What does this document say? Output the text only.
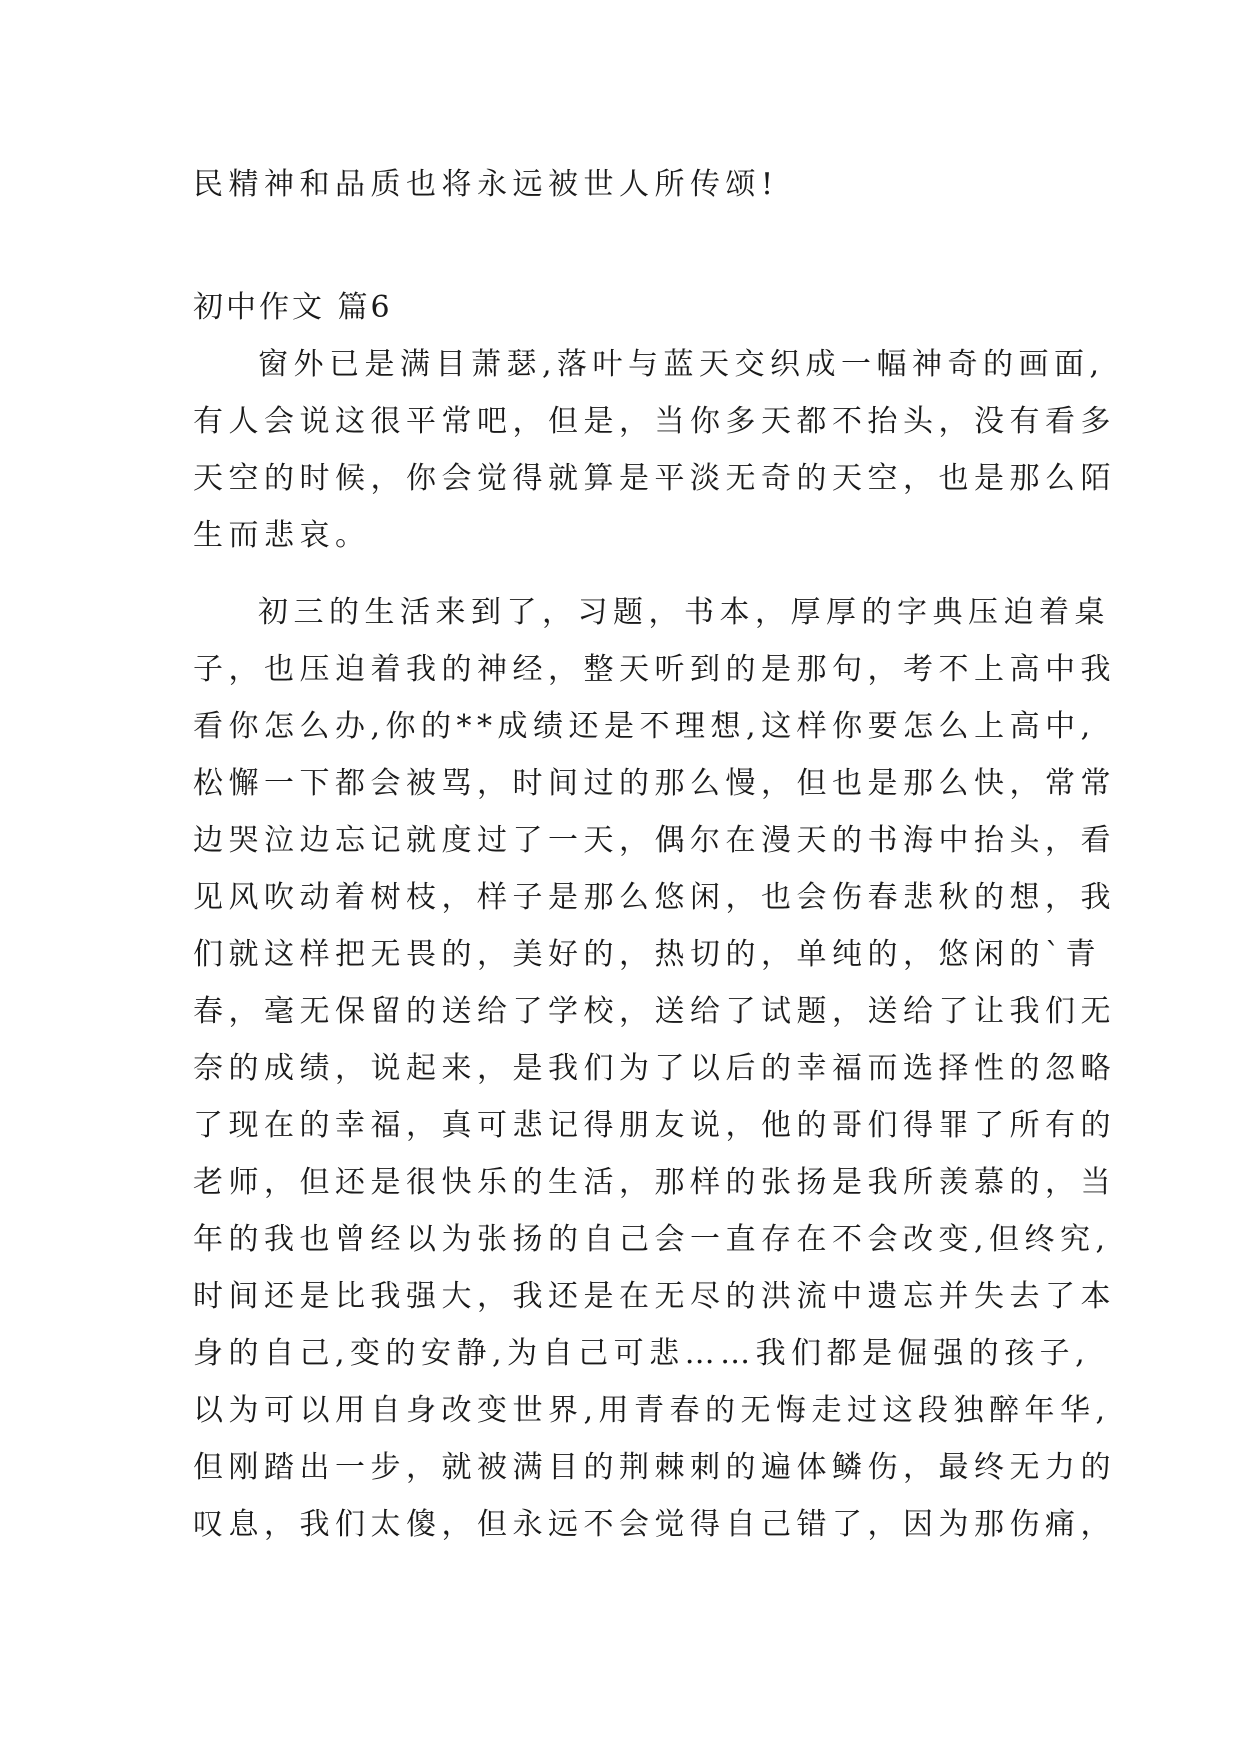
民精神和品质也将永远被世人所传颂!
初中作文 篇6
窗外已是满目萧瑟,落叶与蓝天交织成一幅神奇的画面,
有人会说这很平常吧，但是，当你多天都不抬头，没有看多
天空的时候，你会觉得就算是平淡无奇的天空，也是那么陌
生而悲哀。
初三的生活来到了，习题，书本，厚厚的字典压迫着桌
子，也压迫着我的神经，整天听到的是那句，考不上高中我
看你怎么办,你的**成绩还是不理想,这样你要怎么上高中,
松懈一下都会被骂，时间过的那么慢，但也是那么快，常常
边哭泣边忘记就度过了一天，偶尔在漫天的书海中抬头，看
见风吹动着树枝，样子是那么悠闲，也会伤春悲秋的想，我
们就这样把无畏的，美好的，热切的，单纯的，悠闲的`青
春，毫无保留的送给了学校，送给了试题，送给了让我们无
奈的成绩，说起来，是我们为了以后的幸福而选择性的忽略
了现在的幸福，真可悲记得朋友说，他的哥们得罪了所有的
老师，但还是很快乐的生活，那样的张扬是我所羡慕的，当
年的我也曾经以为张扬的自己会一直存在不会改变,但终究,
时间还是比我强大，我还是在无尽的洪流中遗忘并失去了本
身的自己,变的安静,为自己可悲……我们都是倔强的孩子,
以为可以用自身改变世界,用青春的无悔走过这段独醉年华,
但刚踏出一步，就被满目的荆棘刺的遍体鳞伤，最终无力的
叹息，我们太傻，但永远不会觉得自己错了，因为那伤痛，
